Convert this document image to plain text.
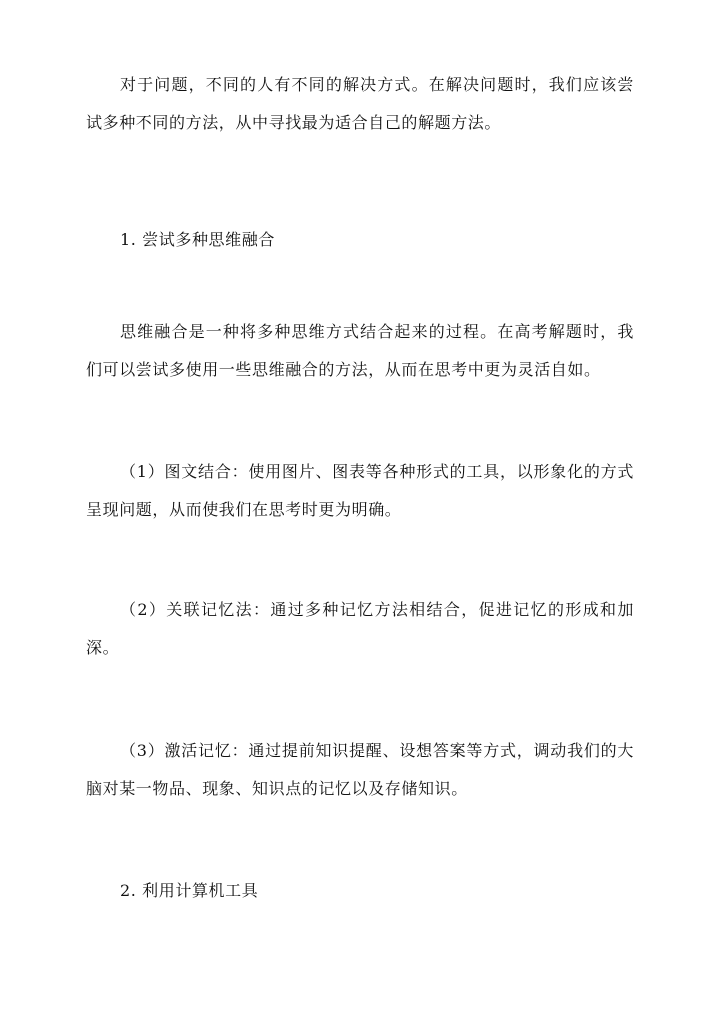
对于问题，不同的人有不同的解决方式。在解决问题时，我们应该尝试多种不同的方法，从中寻找最为适合自己的解题方法。

1. 尝试多种思维融合

思维融合是一种将多种思维方式结合起来的过程。在高考解题时，我们可以尝试多使用一些思维融合的方法，从而在思考中更为灵活自如。

（1）图文结合：使用图片、图表等各种形式的工具，以形象化的方式呈现问题，从而使我们在思考时更为明确。

（2）关联记忆法：通过多种记忆方法相结合，促进记忆的形成和加深。

（3）激活记忆：通过提前知识提醒、设想答案等方式，调动我们的大脑对某一物品、现象、知识点的记忆以及存储知识。

2. 利用计算机工具
